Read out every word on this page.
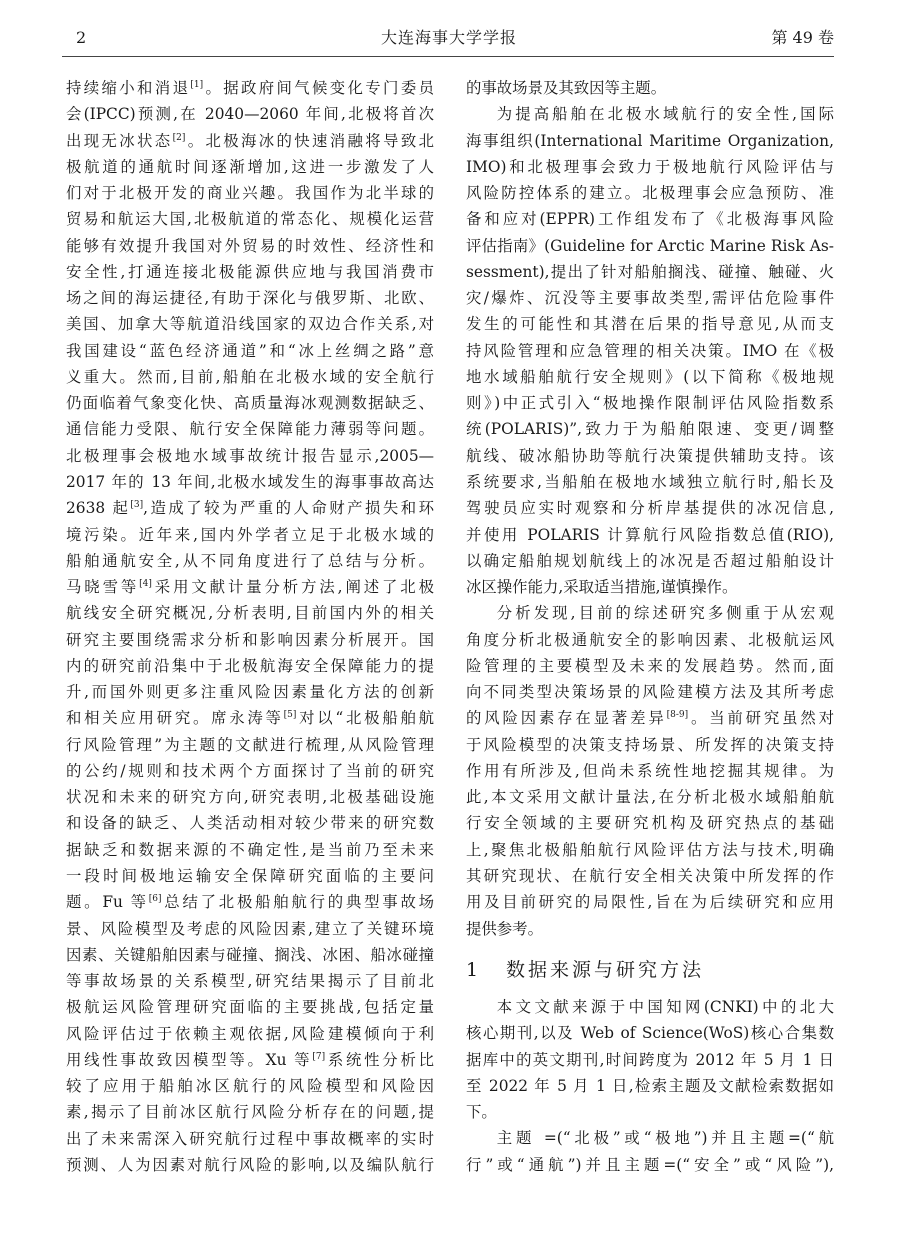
2	大连海事大学学报	第 49 卷
持续缩小和消退[1]。据政府间气候变化专门委员
会(IPCC)预测,在 2040—2060 年间,北极将首次
出现无冰状态[2]。北极海冰的快速消融将导致北
极航道的通航时间逐渐增加,这进一步激发了人
们对于北极开发的商业兴趣。我国作为北半球的
贸易和航运大国,北极航道的常态化、规模化运营
能够有效提升我国对外贸易的时效性、经济性和
安全性,打通连接北极能源供应地与我国消费市
场之间的海运捷径,有助于深化与俄罗斯、北欧、
美国、加拿大等航道沿线国家的双边合作关系,对
我国建设“蓝色经济通道”和“冰上丝绸之路”意
义重大。然而,目前,船舶在北极水域的安全航行
仍面临着气象变化快、高质量海冰观测数据缺乏、
通信能力受限、航行安全保障能力薄弱等问题。
北极理事会极地水域事故统计报告显示,2005—
2017 年的 13 年间,北极水域发生的海事事故高达
2638 起[3],造成了较为严重的人命财产损失和环
境污染。近年来,国内外学者立足于北极水域的
船舶通航安全,从不同角度进行了总结与分析。
马晓雪等[4]采用文献计量分析方法,阐述了北极
航线安全研究概况,分析表明,目前国内外的相关
研究主要围绕需求分析和影响因素分析展开。国
内的研究前沿集中于北极航海安全保障能力的提
升,而国外则更多注重风险因素量化方法的创新
和相关应用研究。席永涛等[5]对以“北极船舶航
行风险管理”为主题的文献进行梳理,从风险管理
的公约/规则和技术两个方面探讨了当前的研究
状况和未来的研究方向,研究表明,北极基础设施
和设备的缺乏、人类活动相对较少带来的研究数
据缺乏和数据来源的不确定性,是当前乃至未来
一段时间极地运输安全保障研究面临的主要问
题。Fu 等[6]总结了北极船舶航行的典型事故场
景、风险模型及考虑的风险因素,建立了关键环境
因素、关键船舶因素与碰撞、搁浅、冰困、船冰碰撞
等事故场景的关系模型,研究结果揭示了目前北
极航运风险管理研究面临的主要挑战,包括定量
风险评估过于依赖主观依据,风险建模倾向于利
用线性事故致因模型等。Xu 等[7]系统性分析比
较了应用于船舶冰区航行的风险模型和风险因
素,揭示了目前冰区航行风险分析存在的问题,提
出了未来需深入研究航行过程中事故概率的实时
预测、人为因素对航行风险的影响,以及编队航行
的事故场景及其致因等主题。
为提高船舶在北极水域航行的安全性,国际
海事组织(International Maritime Organization,
IMO)和北极理事会致力于极地航行风险评估与
风险防控体系的建立。北极理事会应急预防、准
备和应对(EPPR)工作组发布了《北极海事风险
评估指南》(Guideline for Arctic Marine Risk As-
sessment),提出了针对船舶搁浅、碰撞、触碰、火
灾/爆炸、沉没等主要事故类型,需评估危险事件
发生的可能性和其潜在后果的指导意见,从而支
持风险管理和应急管理的相关决策。IMO 在《极
地水域船舶航行安全规则》(以下简称《极地规
则》)中正式引入“极地操作限制评估风险指数系
统(POLARIS)”,致力于为船舶限速、变更/调整
航线、破冰船协助等航行决策提供辅助支持。该
系统要求,当船舶在极地水域独立航行时,船长及
驾驶员应实时观察和分析岸基提供的冰况信息,
并使用 POLARIS 计算航行风险指数总值(RIO),
以确定船舶规划航线上的冰况是否超过船舶设计
冰区操作能力,采取适当措施,谨慎操作。
分析发现,目前的综述研究多侧重于从宏观
角度分析北极通航安全的影响因素、北极航运风
险管理的主要模型及未来的发展趋势。然而,面
向不同类型决策场景的风险建模方法及其所考虑
的风险因素存在显著差异[8-9]。当前研究虽然对
于风险模型的决策支持场景、所发挥的决策支持
作用有所涉及,但尚未系统性地挖掘其规律。为
此,本文采用文献计量法,在分析北极水域船舶航
行安全领域的主要研究机构及研究热点的基础
上,聚焦北极船舶航行风险评估方法与技术,明确
其研究现状、在航行安全相关决策中所发挥的作
用及目前研究的局限性,旨在为后续研究和应用
提供参考。
1 数据来源与研究方法
本文文献来源于中国知网(CNKI)中的北大
核心期刊,以及 Web of Science(WoS)核心合集数
据库中的英文期刊,时间跨度为 2012 年 5 月 1 日
至 2022 年 5 月 1 日,检索主题及文献检索数据如
下。
主题 =(“北极”或“极地”)并且主题=(“航
行”或“通航”)并且主题=(“安全”或“风险”),
